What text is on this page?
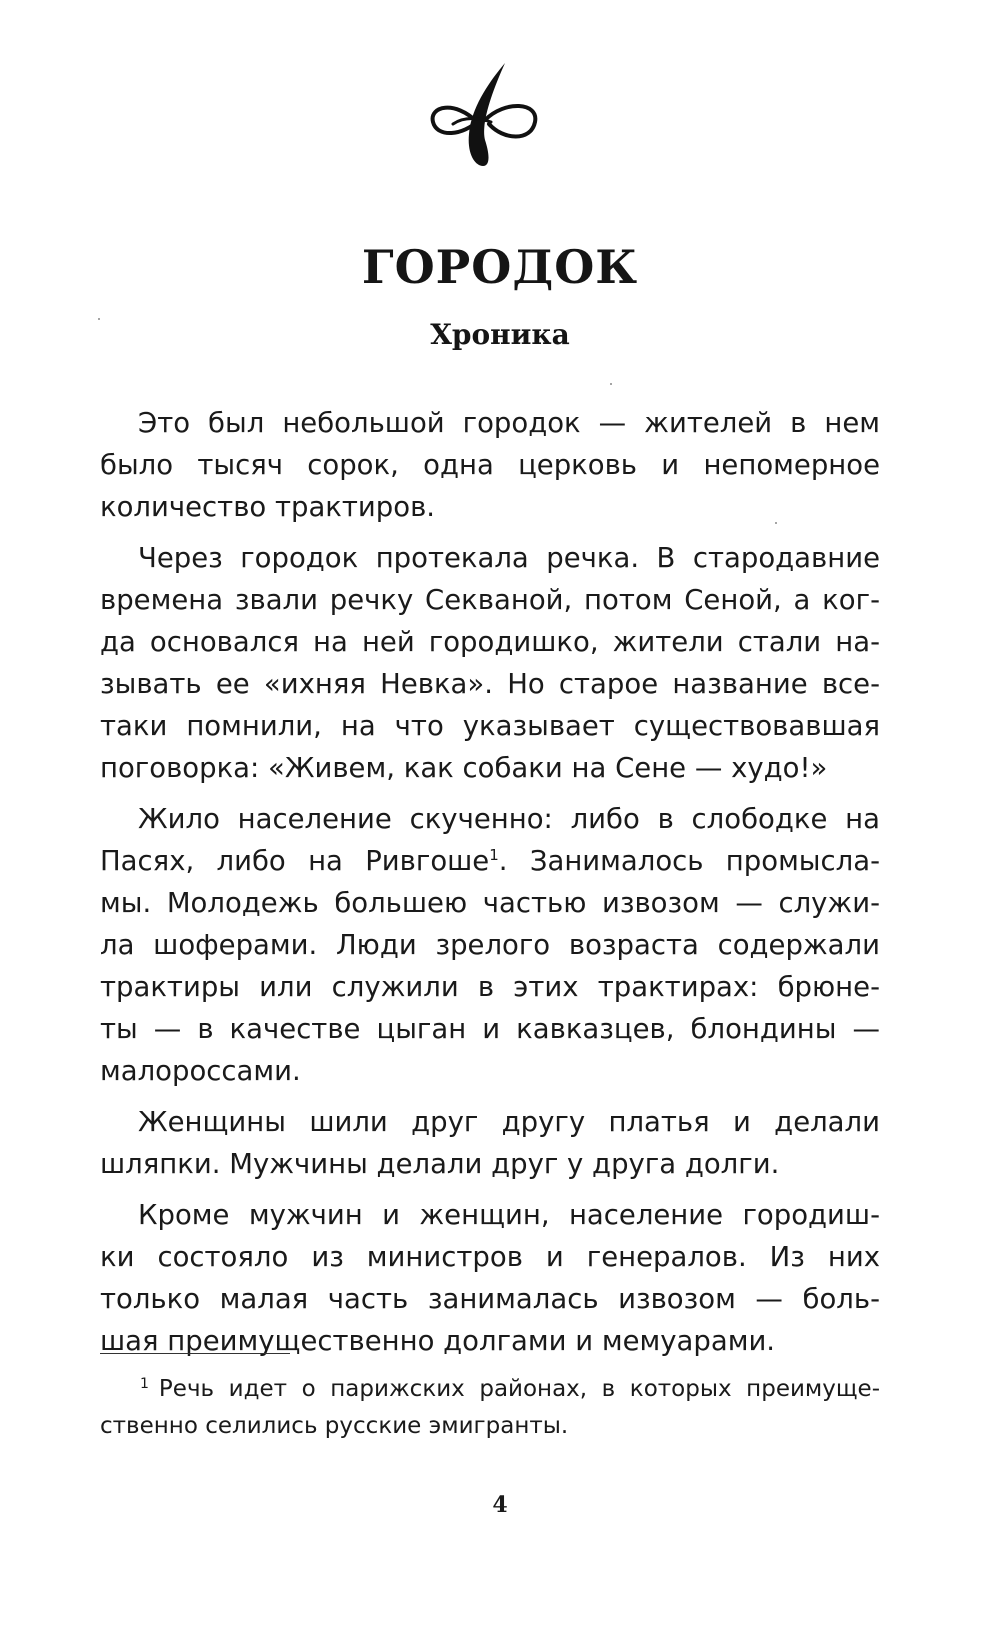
ГОРОДОК
Хроника
Это был небольшой городок — жителей в нем
было тысяч сорок, одна церковь и непомерное
количество трактиров.
Через городок протекала речка. В стародавние
времена звали речку Секваной, потом Сеной, а ког-
да основался на ней городишко, жители стали на-
зывать ее «ихняя Невка». Но старое название все-
таки помнили, на что указывает существовавшая
поговорка: «Живем, как собаки на Сене — худо!»
Жило население скученно: либо в слободке на
Пасях, либо на Ривгоше$^1$. Занималось промысла-
мы. Молодежь большею частью извозом — служи-
ла шоферами. Люди зрелого возраста содержали
трактиры или служили в этих трактирах: брюне-
ты — в качестве цыган и кавказцев, блондины —
малороссами.
Женщины шили друг другу платья и делали
шляпки. Мужчины делали друг у друга долги.
Кроме мужчин и женщин, население городиш-
ки состояло из министров и генералов. Из них
только малая часть занималась извозом — боль-
шая преимущественно долгами и мемуарами.
$^1$ Речь идет о парижских районах, в которых преимуще-
ственно селились русские эмигранты.
4
